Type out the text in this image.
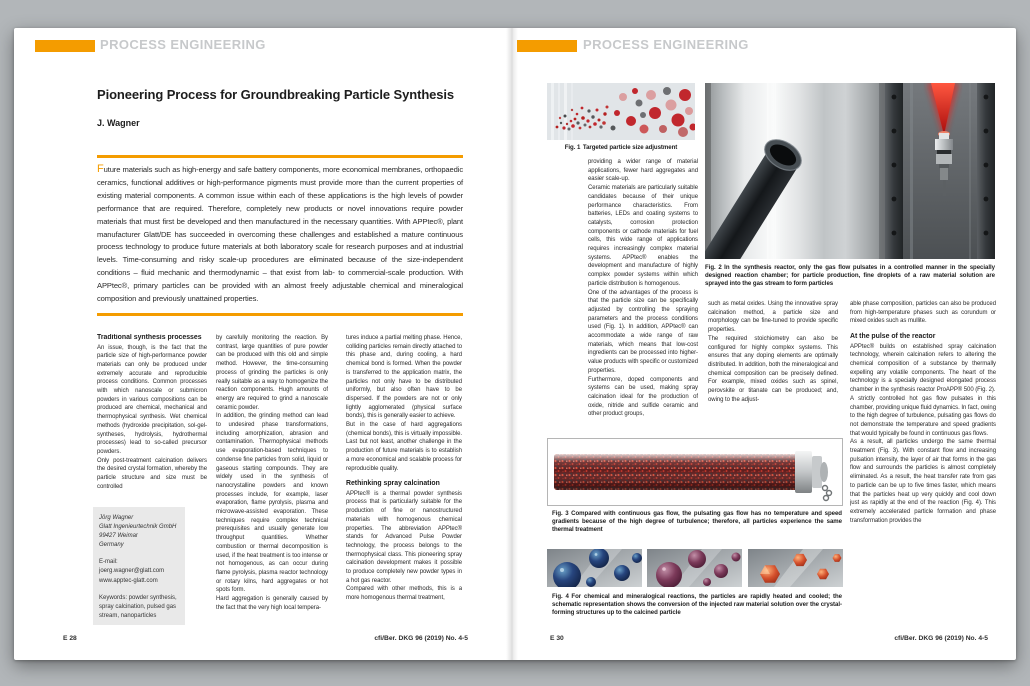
PROCESS ENGINEERING
Pioneering Process for Groundbreaking Particle Synthesis
J. Wagner
Future materials such as high-energy and safe battery components, more economical membranes, orthopaedic ceramics, functional additives or high-performance pigments must provide more than the current properties of existing material components. A common issue within each of these applications is the high levels of powder performance that are required. Therefore, completely new products or novel innovations require powder materials that must first be developed and then manufactured in the necessary quantities. With APPtec®, plant manufacturer Glatt/DE has succeeded in overcoming these challenges and established a mature continuous process technology to produce future materials at both laboratory scale for research purposes and at industrial levels. Time-consuming and risky scale-up procedures are eliminated because of the size-independent conditions – fluid mechanic and thermodynamic – that exist from lab- to commercial-scale production. With APPtec®, primary particles can be provided with an almost freely adjustable chemical and mineralogical composition and previously unattained properties.
Traditional synthesis processes

An issue, though, is the fact that the particle size of high-performance powder materials can only be produced under extremely accurate and reproducible process conditions. Common processes with which nanoscale or submicron powders in various compositions can be produced are chemical, mechanical and thermophysical synthesis. Wet chemical methods (hydroxide precipitation, sol-gel-syntheses, hydrolysis, hydrothermal processes) lead to so-called precursor powders.

Only post-treatment calcination delivers the desired crystal formation, whereby the particle structure and size must be controlled

Jörg Wagner
Glatt Ingenieurtechnik GmbH
99427 Weimar
Germany
E-mail: joerg.wagner@glatt.com
www.apptec-glatt.com
Keywords: powder synthesis, spray calcination, pulsed gas stream, nanoparticles

by carefully monitoring the reaction. By contrast, large quantities of pure powder can be produced with this old and simple method. However, the time-consuming process of grinding the particles is only really suitable as a way to homogenize the reaction components. Hugh amounts of energy are required to grind a nanoscale ceramic powder.

In addition, the grinding method can lead to undesired phase transformations, including amorphization, abrasion and contamination. Thermophysical methods use evaporation-based techniques to condense fine particles from solid, liquid or gaseous starting compounds. They are widely used in the synthesis of nanocrystalline powders and known processes include, for example, laser evaporation, flame pyrolysis, plasma and microwave-assisted evaporation. These techniques require complex technical prerequisites and usually generate low throughput quantities. Whether combustion or thermal decomposition is used, if the heat treatment is too intense or not homogenous, as can occur during flame pyrolysis, plasma reactor technology or rotary kilns, hard aggregates or hot spots form.

Hard aggregation is generally caused by the fact that the very high local tempera-

tures induce a partial melting phase. Hence, colliding particles remain directly attached to this phase and, during cooling, a hard chemical bond is formed. When the powder is transferred to the application matrix, the particles not only have to be distributed uniformly, but also often have to be dispersed. If the powders are not or only lightly agglomerated (physical surface bonds), this is generally easier to achieve.

But in the case of hard aggregations (chemical bonds), this is virtually impossible. Last but not least, another challenge in the production of future materials is to establish a more economical and scalable process for reproducible quality.

Rethinking spray calcination

APPtec® is a thermal powder synthesis process that is particularly suitable for the production of fine or nanostructured materials with homogenous chemical properties. The abbreviation APPtec® stands for Advanced Pulse Powder technology, the process belongs to the thermophysical class. This pioneering spray calcination development makes it possible to produce completely new powder types in a hot gas reactor.

Compared with other methods, this is a more homogenous thermal treatment,

E 28	cfi/Ber. DKG 96 (2019) No. 4-5
PROCESS ENGINEERING
Fig. 1 Targeted particle size adjustment
Fig. 2 In the synthesis reactor, only the gas flow pulsates in a controlled manner in the specially designed reaction chamber; for particle production, fine droplets of a raw material solution are sprayed into the gas stream to form particles

providing a wider range of material applications, fewer hard aggregates and easier scale-up.

Ceramic materials are particularly suitable candidates because of their unique performance characteristics. From batteries, LEDs and coating systems to catalysts, corrosion protection components or cathode materials for fuel cells, this wide range of applications requires increasingly complex material systems. APPtec® enables the development and manufacture of highly complex powder systems within which particle distribution is homogenous.

One of the advantages of the process is that the particle size can be specifically adjusted by controlling the spraying parameters and the process conditions used (Fig. 1). In addition, APPtec® can accommodate a wide range of raw materials, which means that low-cost ingredients can be processed into higher-value products with specific or customized properties.

Furthermore, doped components and systems can be used, making spray calcination ideal for the production of oxide, nitride and sulfide ceramic and other product groups,

such as metal oxides. Using the innovative spray calcination method, a particle size and morphology can be fine-tuned to provide specific properties.

The required stoichiometry can also be configured for highly complex systems. This ensures that any doping elements are optimally distributed. In addition, both the mineralogical and chemical composition can be precisely defined. For example, mixed oxides such as spinel, perovskite or titanate can be produced; and, owing to the adjust-

able phase composition, particles can also be produced from high-temperature phases such as corundum or mixed oxides such as mullite.

At the pulse of the reactor

APPtec® builds on established spray calcination technology, wherein calcination refers to altering the chemical composition of a substance by thermally expelling any volatile components. The heart of the technology is a specially designed elongated process chamber in the synthesis reactor ProAPP® 500 (Fig. 2).

A strictly controlled hot gas flow pulsates in this chamber, providing unique fluid dynamics. In fact, owing to the high degree of turbulence, pulsating gas flows do not demonstrate the temperature and speed gradients that would typically be found in continuous gas flows.

As a result, all particles undergo the same thermal treatment (Fig. 3). With constant flow and increasing pulsation intensity, the layer of air that forms in the gas flow and surrounds the particles is almost completely eliminated. As a result, the heat transfer rate from gas to particle can be up to five times faster, which means that the particles heat up very quickly and cool down just as rapidly at the end of the reaction (Fig. 4). This extremely accelerated particle formation and phase transformation provides the

Fig. 3 Compared with continuous gas flow, the pulsating gas flow has no temperature and speed gradients because of the high degree of turbulence; therefore, all particles experience the same thermal treatment
Fig. 4 For chemical and mineralogical reactions, the particles are rapidly heated and cooled; the schematic representation shows the conversion of the injected raw material solution over the crystal-forming structures up to the calcined particle
E 30	cfi/Ber. DKG 96 (2019) No. 4-5
